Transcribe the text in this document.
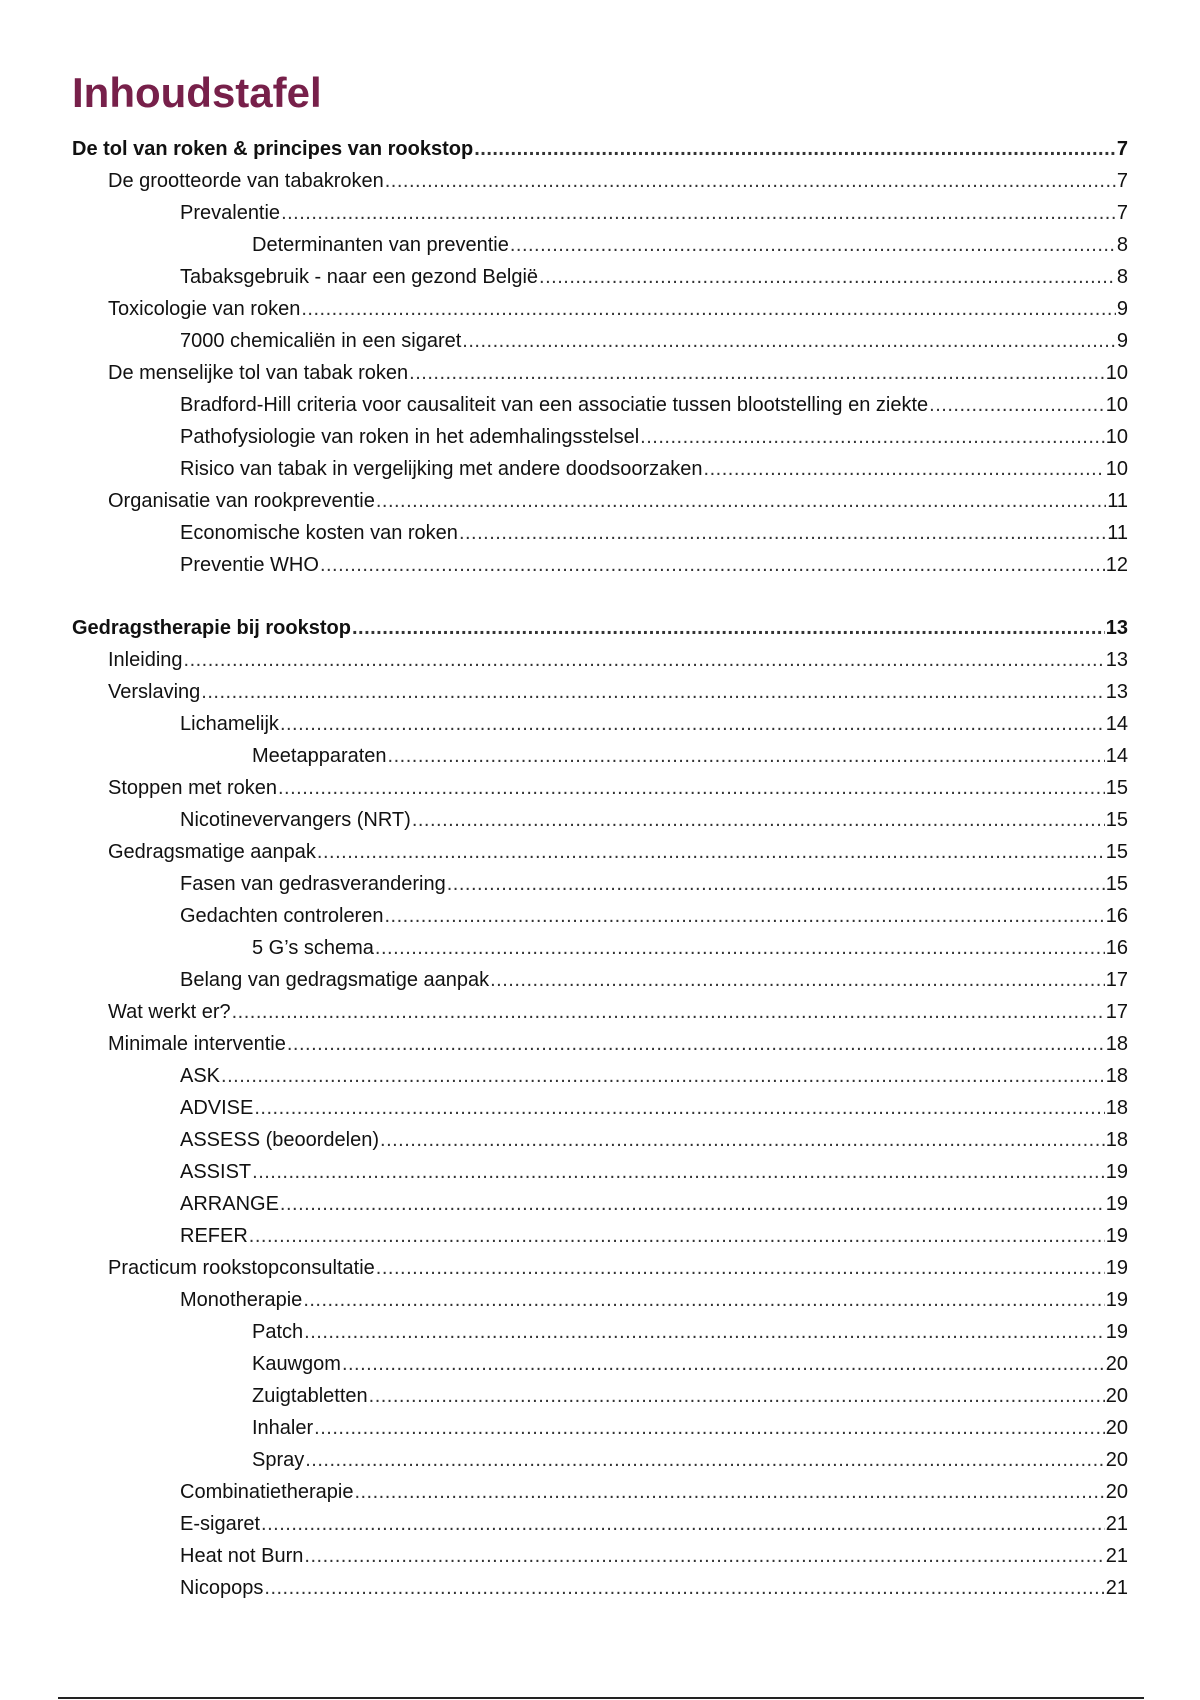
Inhoudstafel
De tol van roken & principes van rookstop .....	7
De grootteorde van tabakroken .....	7
Prevalentie .....	7
Determinanten van preventie .....	8
Tabaksgebruik - naar een gezond België .....	8
Toxicologie van roken .....	9
7000 chemicaliën in een sigaret .....	9
De menselijke tol van tabak roken .....	10
Bradford-Hill criteria voor causaliteit van een associatie tussen blootstelling en ziekte .....	10
Pathofysiologie van roken in het ademhalingsstelsel .....	10
Risico van tabak in vergelijking met andere doodsoorzaken .....	10
Organisatie van rookpreventie .....	11
Economische kosten van roken .....	11
Preventie WHO .....	12
Gedragstherapie bij rookstop .....	13
Inleiding .....	13
Verslaving .....	13
Lichamelijk .....	14
Meetapparaten .....	14
Stoppen met roken .....	15
Nicotinevervangers (NRT) .....	15
Gedragsmatige aanpak .....	15
Fasen van gedrasverandering .....	15
Gedachten controleren .....	16
5 G’s schema .....	16
Belang van gedragsmatige aanpak .....	17
Wat werkt er? .....	17
Minimale interventie .....	18
ASK .....	18
ADVISE .....	18
ASSESS (beoordelen) .....	18
ASSIST .....	19
ARRANGE .....	19
REFER .....	19
Practicum rookstopconsultatie .....	19
Monotherapie .....	19
Patch .....	19
Kauwgom .....	20
Zuigtabletten .....	20
Inhaler .....	20
Spray .....	20
Combinatietherapie .....	20
E-sigaret .....	21
Heat not Burn .....	21
Nicopops .....	21
